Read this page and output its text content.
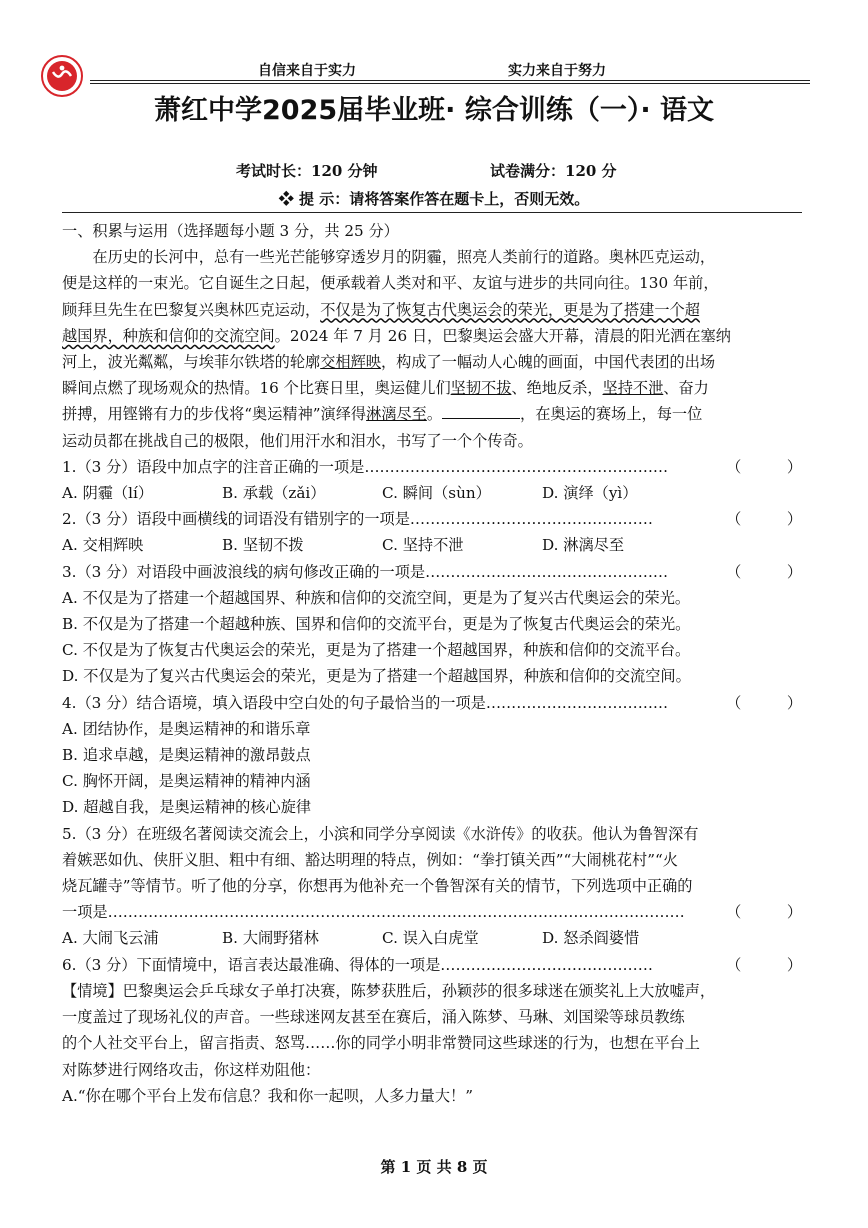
自信来自于实力	实力来自于努力
萧红中学2025届毕业班· 综合训练（一）· 语文
考试时长：120 分钟	试卷满分：120 分
❖ 提 示：请将答案作答在题卡上，否则无效。

一、积累与运用（选择题每小题 3 分，共 25 分）

在历史的长河中，总有一些光芒能够穿透岁月的阴霾，照亮人类前行的道路。奥林匹克运动，

便是这样的一束光。它自诞生之日起，便承载着人类对和平、友谊与进步的共同向往。130 年前，

顾拜旦先生在巴黎复兴奥林匹克运动，不仅是为了恢复古代奥运会的荣光，更是为了搭建一个超

越国界，种族和信仰的交流空间。2024 年 7 月 26 日，巴黎奥运会盛大开幕，清晨的阳光洒在塞纳

河上，波光粼粼，与埃菲尔铁塔的轮廓交相辉映，构成了一幅动人心魄的画面，中国代表团的出场

瞬间点燃了现场观众的热情。16 个比赛日里，奥运健儿们坚韧不拔、绝地反杀，坚持不泄、奋力

拼搏，用铿锵有力的步伐将“奥运精神”演绎得淋漓尽至。	，在奥运的赛场上，每一位

运动员都在挑战自己的极限，他们用汗水和泪水，书写了一个个传奇。

1.（3 分）语段中加点字的注音正确的一项是……………………………………………………	（　　　）

A. 阴霾（lí）	B. 承载（zǎi）	C. 瞬间（sùn）	D. 演绎（yì）

2.（3 分）语段中画横线的词语没有错别字的一项是…………………………………………	（　　　）

A. 交相辉映	B. 坚韧不拨	C. 坚持不泄	D. 淋漓尽至

3.（3 分）对语段中画波浪线的病句修改正确的一项是…………………………………………	（　　　）

A. 不仅是为了搭建一个超越国界、种族和信仰的交流空间，更是为了复兴古代奥运会的荣光。

B. 不仅是为了搭建一个超越种族、国界和信仰的交流平台，更是为了恢复古代奥运会的荣光。

C. 不仅是为了恢复古代奥运会的荣光，更是为了搭建一个超越国界，种族和信仰的交流平台。

D. 不仅是为了复兴古代奥运会的荣光，更是为了搭建一个超越国界，种族和信仰的交流空间。

4.（3 分）结合语境，填入语段中空白处的句子最恰当的一项是………………………………	（　　　）

A. 团结协作，是奥运精神的和谐乐章

B. 追求卓越，是奥运精神的激昂鼓点

C. 胸怀开阔，是奥运精神的精神内涵

D. 超越自我，是奥运精神的核心旋律

5.（3 分）在班级名著阅读交流会上，小滨和同学分享阅读《水浒传》的收获。他认为鲁智深有

着嫉恶如仇、侠肝义胆、粗中有细、豁达明理的特点，例如：“拳打镇关西”“大闹桃花村”“火

烧瓦罐寺”等情节。听了他的分享，你想再为他补充一个鲁智深有关的情节，下列选项中正确的

一项是……………………………………………………………………………………………………	（　　　）

A. 大闹飞云浦	B. 大闹野猪林	C. 误入白虎堂	D. 怒杀阎婆惜

6.（3 分）下面情境中，语言表达最准确、得体的一项是……………………………………	（　　　）

【情境】巴黎奥运会乒乓球女子单打决赛，陈梦获胜后，孙颖莎的很多球迷在颁奖礼上大放嘘声，

一度盖过了现场礼仪的声音。一些球迷网友甚至在赛后，涌入陈梦、马琳、刘国梁等球员教练

的个人社交平台上，留言指责、怒骂……你的同学小明非常赞同这些球迷的行为，也想在平台上

对陈梦进行网络攻击，你这样劝阻他：

A.“你在哪个平台上发布信息？我和你一起呗，人多力量大！”

第 1 页 共 8 页
